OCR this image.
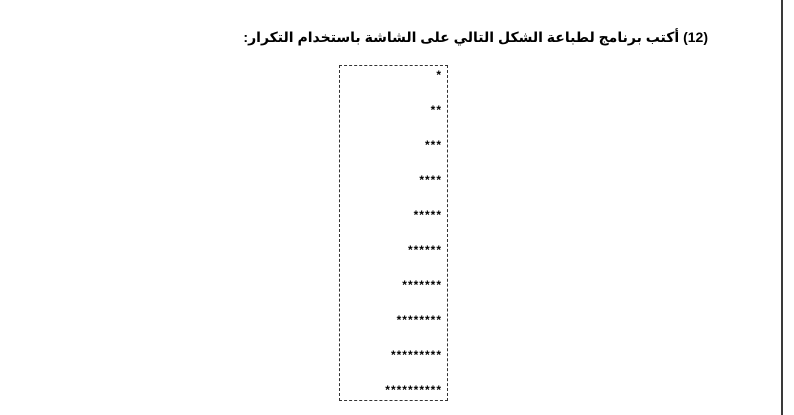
(12) أكتب برنامج لطباعة الشكل التالي على الشاشة باستخدام التكرار:
*
**
***
****
*****
******
*******
********
*********
**********
